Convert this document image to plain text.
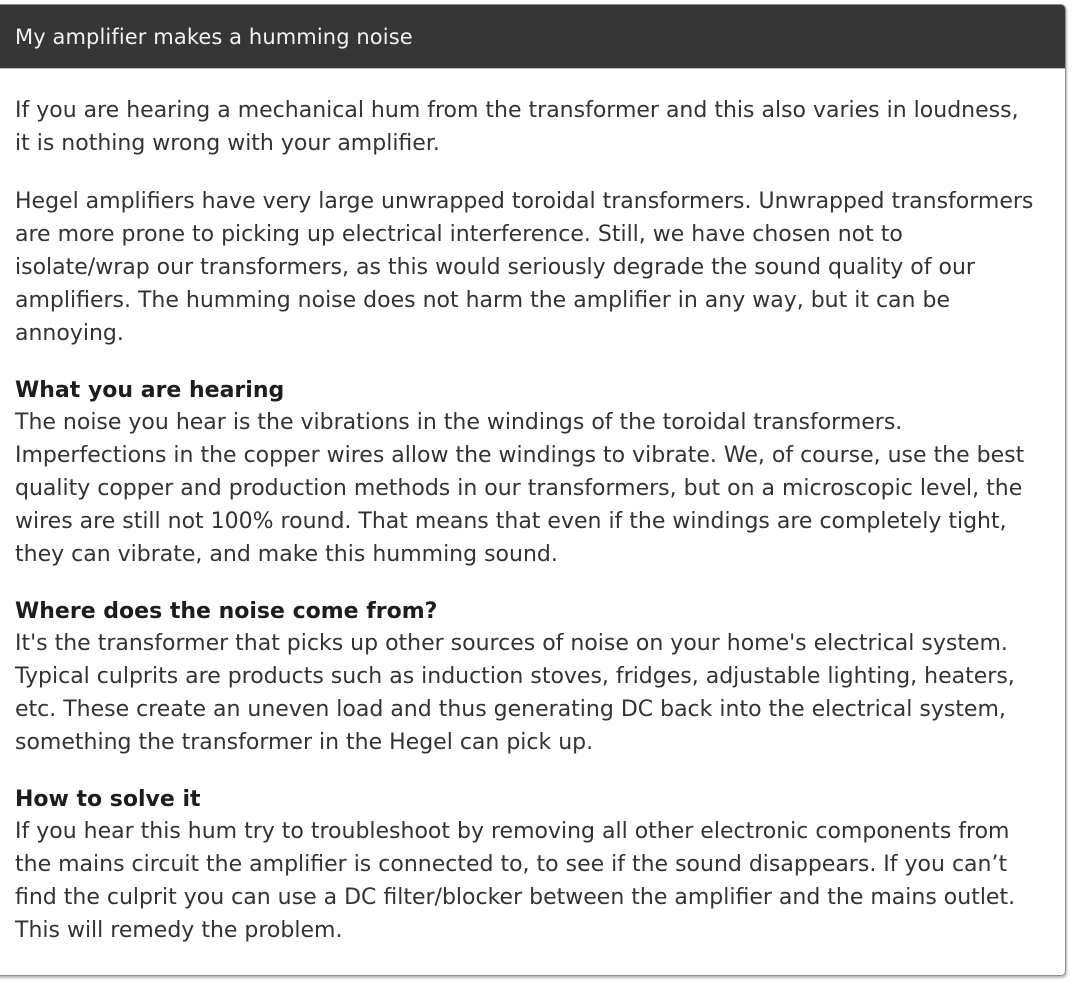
My amplifier makes a humming noise

If you are hearing a mechanical hum from the transformer and this also varies in loudness, it is nothing wrong with your amplifier.

Hegel amplifiers have very large unwrapped toroidal transformers. Unwrapped transformers are more prone to picking up electrical interference. Still, we have chosen not to isolate/wrap our transformers, as this would seriously degrade the sound quality of our amplifiers. The humming noise does not harm the amplifier in any way, but it can be annoying.

What you are hearing

The noise you hear is the vibrations in the windings of the toroidal transformers. Imperfections in the copper wires allow the windings to vibrate. We, of course, use the best quality copper and production methods in our transformers, but on a microscopic level, the wires are still not 100% round. That means that even if the windings are completely tight, they can vibrate, and make this humming sound.

Where does the noise come from?

It's the transformer that picks up other sources of noise on your home's electrical system. Typical culprits are products such as induction stoves, fridges, adjustable lighting, heaters, etc. These create an uneven load and thus generating DC back into the electrical system, something the transformer in the Hegel can pick up.

How to solve it

If you hear this hum try to troubleshoot by removing all other electronic components from the mains circuit the amplifier is connected to, to see if the sound disappears. If you can’t find the culprit you can use a DC filter/blocker between the amplifier and the mains outlet. This will remedy the problem.
